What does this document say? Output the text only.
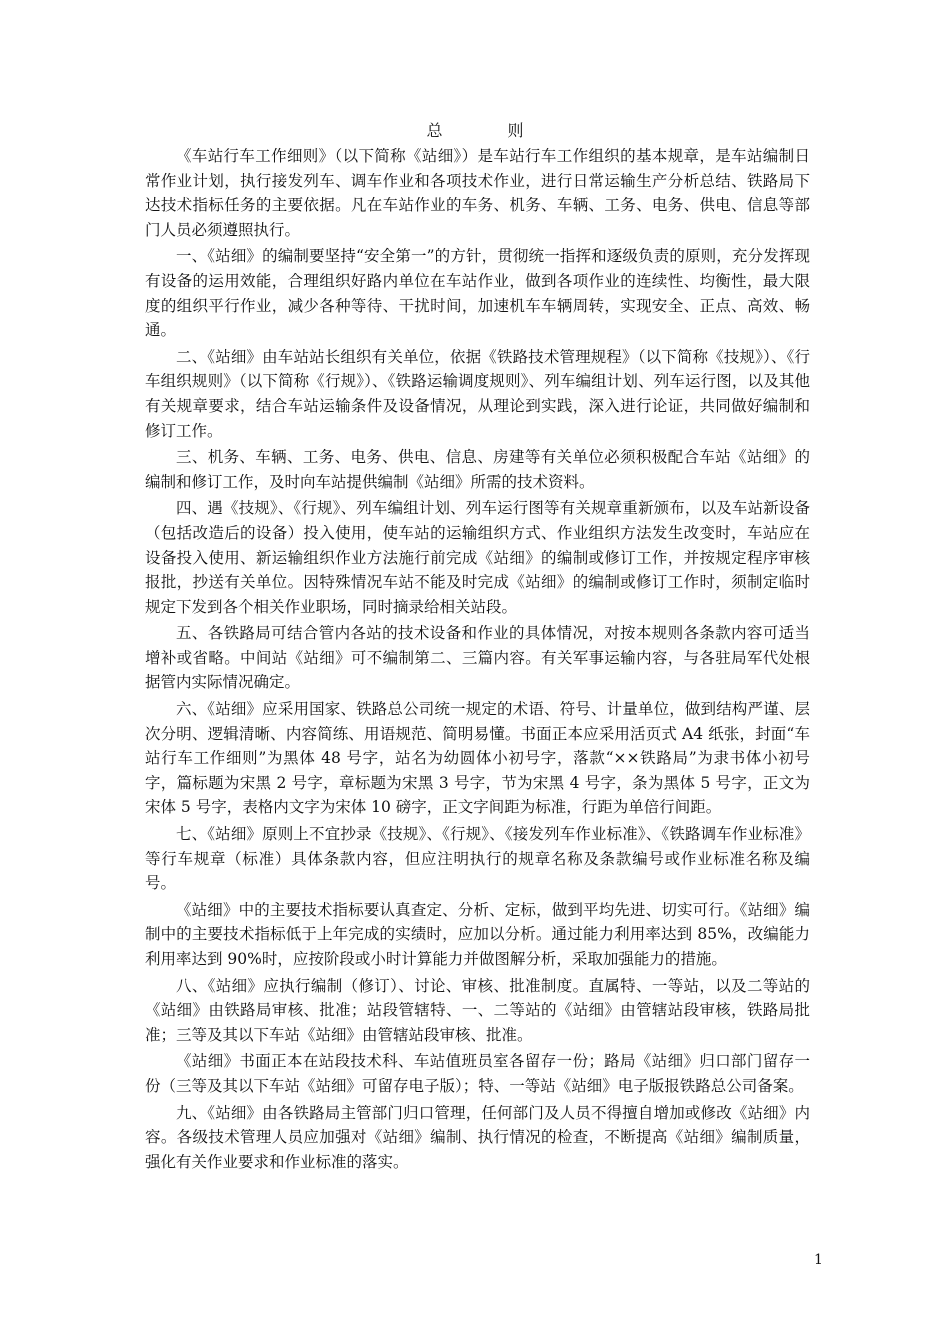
总 则

《车站行车工作细则》（以下简称《站细》）是车站行车工作组织的基本规章，是车站编制日常作业计划，执行接发列车、调车作业和各项技术作业，进行日常运输生产分析总结、铁路局下达技术指标任务的主要依据。凡在车站作业的车务、机务、车辆、工务、电务、供电、信息等部门人员必须遵照执行。

一、《站细》的编制要坚持“安全第一”的方针，贯彻统一指挥和逐级负责的原则，充分发挥现有设备的运用效能，合理组织好路内单位在车站作业，做到各项作业的连续性、均衡性，最大限度的组织平行作业，减少各种等待、干扰时间，加速机车车辆周转，实现安全、正点、高效、畅通。

二、《站细》由车站站长组织有关单位，依据《铁路技术管理规程》（以下简称《技规》）、《行车组织规则》（以下简称《行规》）、《铁路运输调度规则》、列车编组计划、列车运行图，以及其他有关规章要求，结合车站运输条件及设备情况，从理论到实践，深入进行论证，共同做好编制和修订工作。

三、机务、车辆、工务、电务、供电、信息、房建等有关单位必须积极配合车站《站细》的编制和修订工作，及时向车站提供编制《站细》所需的技术资料。

四、遇《技规》、《行规》、列车编组计划、列车运行图等有关规章重新颁布，以及车站新设备（包括改造后的设备）投入使用，使车站的运输组织方式、作业组织方法发生改变时，车站应在设备投入使用、新运输组织作业方法施行前完成《站细》的编制或修订工作，并按规定程序审核报批，抄送有关单位。因特殊情况车站不能及时完成《站细》的编制或修订工作时，须制定临时规定下发到各个相关作业职场，同时摘录给相关站段。

五、各铁路局可结合管内各站的技术设备和作业的具体情况，对按本规则各条款内容可适当增补或省略。中间站《站细》可不编制第二、三篇内容。有关军事运输内容，与各驻局军代处根据管内实际情况确定。

六、《站细》应采用国家、铁路总公司统一规定的术语、符号、计量单位，做到结构严谨、层次分明、逻辑清晰、内容简练、用语规范、简明易懂。书面正本应采用活页式 A4 纸张，封面“车站行车工作细则”为黑体 48 号字，站名为幼圆体小初号字，落款“××铁路局”为隶书体小初号字，篇标题为宋黑 2 号字，章标题为宋黑 3 号字，节为宋黑 4 号字，条为黑体 5 号字，正文为宋体 5 号字，表格内文字为宋体 10 磅字，正文字间距为标准，行距为单倍行间距。

七、《站细》原则上不宜抄录《技规》、《行规》、《接发列车作业标准》、《铁路调车作业标准》等行车规章（标准）具体条款内容，但应注明执行的规章名称及条款编号或作业标准名称及编号。

《站细》中的主要技术指标要认真查定、分析、定标，做到平均先进、切实可行。《站细》编制中的主要技术指标低于上年完成的实绩时，应加以分析。通过能力利用率达到 85%，改编能力利用率达到 90%时，应按阶段或小时计算能力并做图解分析，采取加强能力的措施。

八、《站细》应执行编制（修订）、讨论、审核、批准制度。直属特、一等站，以及二等站的《站细》由铁路局审核、批准；站段管辖特、一、二等站的《站细》由管辖站段审核，铁路局批准；三等及其以下车站《站细》由管辖站段审核、批准。

《站细》书面正本在站段技术科、车站值班员室各留存一份；路局《站细》归口部门留存一份（三等及其以下车站《站细》可留存电子版）；特、一等站《站细》电子版报铁路总公司备案。

九、《站细》由各铁路局主管部门归口管理，任何部门及人员不得擅自增加或修改《站细》内容。各级技术管理人员应加强对《站细》编制、执行情况的检查，不断提高《站细》编制质量，强化有关作业要求和作业标准的落实。

1
